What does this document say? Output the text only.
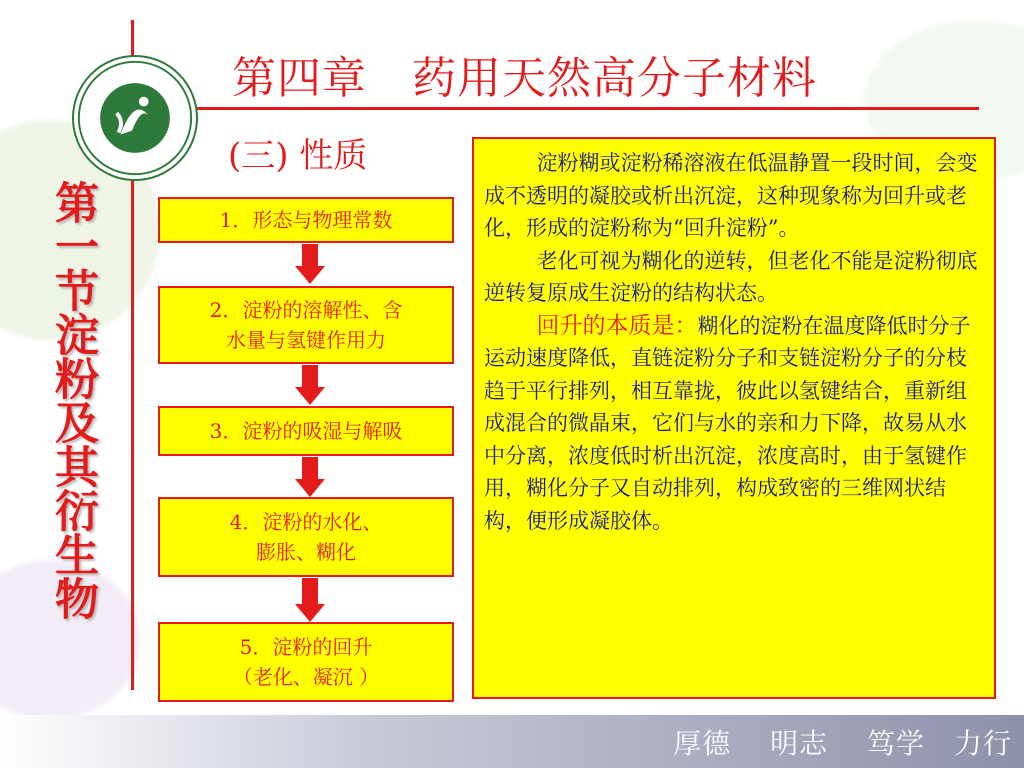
第四章　药用天然高分子材料
(三) 性质
第一节淀粉及其衍生物	1．形态与物理常数
2．淀粉的溶解性、含
水量与氢键作用力
3．淀粉的吸湿与解吸
4．淀粉的水化、
膨胀、糊化
5．淀粉的回升
（老化、凝沉 ）

淀粉糊或淀粉稀溶液在低温静置一段时间，会变成不透明的凝胶或析出沉淀，这种现象称为回升或老化，形成的淀粉称为“回升淀粉”。

老化可视为糊化的逆转，但老化不能是淀粉彻底逆转复原成生淀粉的结构状态。

回升的本质是：糊化的淀粉在温度降低时分子运动速度降低，直链淀粉分子和支链淀粉分子的分枝趋于平行排列，相互靠拢，彼此以氢键结合，重新组成混合的微晶束，它们与水的亲和力下降，故易从水中分离，浓度低时析出沉淀，浓度高时，由于氢键作用，糊化分子又自动排列，构成致密的三维网状结构，便形成凝胶体。

厚德　 明志 　笃学　力行
